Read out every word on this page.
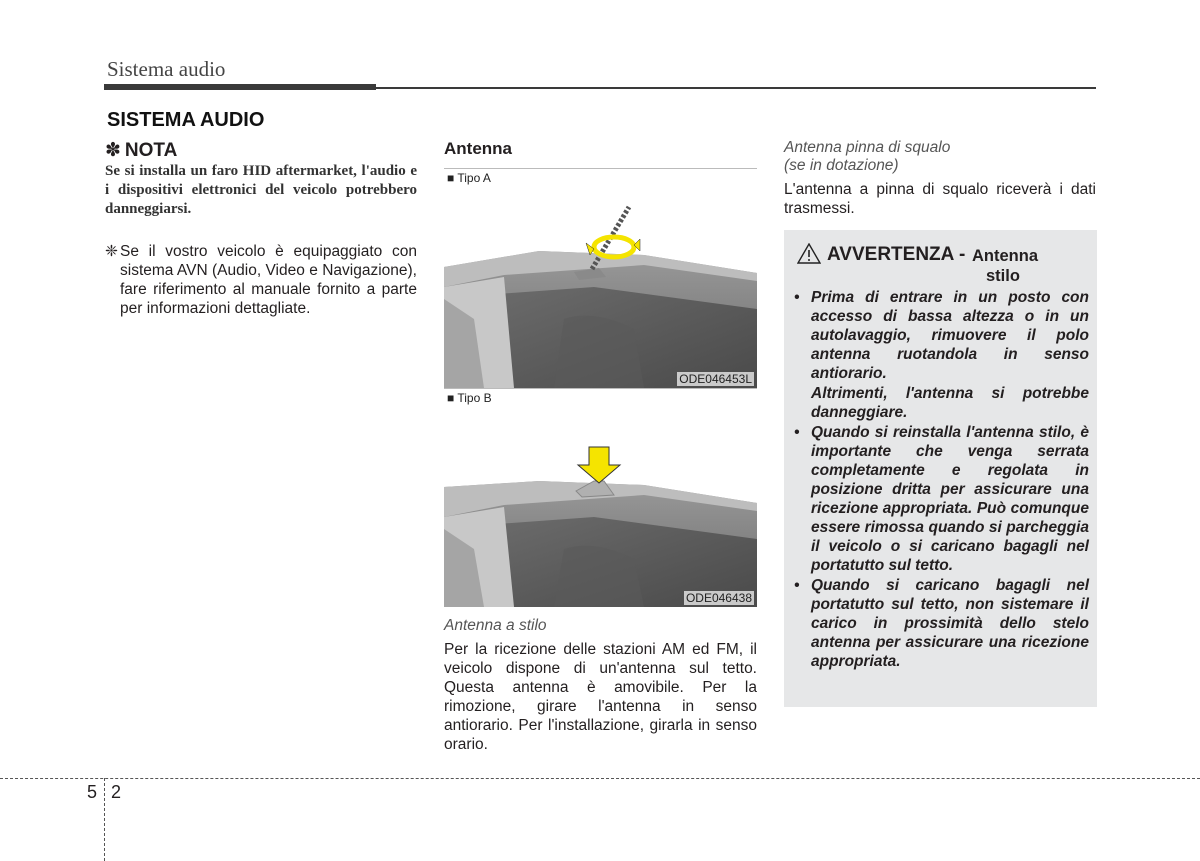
Sistema audio
SISTEMA AUDIO
✽ NOTA
Se si installa un faro HID aftermarket, l'audio e i dispositivi elettronici del veicolo potrebbero danneggiarsi.
❈ Se il vostro veicolo è equipaggiato con sistema AVN (Audio, Video e Navigazione), fare riferimento al manuale fornito a parte per informazioni dettagliate.
Antenna
■ Tipo A
ODE046453L
■ Tipo B
ODE046438
Antenna a stilo
Per la ricezione delle stazioni AM ed FM, il veicolo dispone di un'antenna sul tetto. Questa antenna è amovibile. Per la rimozione, girare l'antenna in senso antiorario. Per l'installazione, girarla in senso orario.
Antenna pinna di squalo
(se in dotazione)
L'antenna a pinna di squalo riceverà i dati trasmessi.
AVVERTENZA - Antenna
stilo
• Prima di entrare in un posto con accesso di bassa altezza o in un autolavaggio, rimuovere il polo antenna ruotandola in senso antiorario.
Altrimenti, l'antenna si potrebbe danneggiare.
• Quando si reinstalla l'antenna stilo, è importante che venga serrata completamente e regolata in posizione dritta per assicurare una ricezione appropriata. Può comunque essere rimossa quando si parcheggia il veicolo o si caricano bagagli nel portatutto sul tetto.
• Quando si caricano bagagli nel portatutto sul tetto, non sistemare il carico in prossimità dello stelo antenna per assicurare una ricezione appropriata.
5 2
